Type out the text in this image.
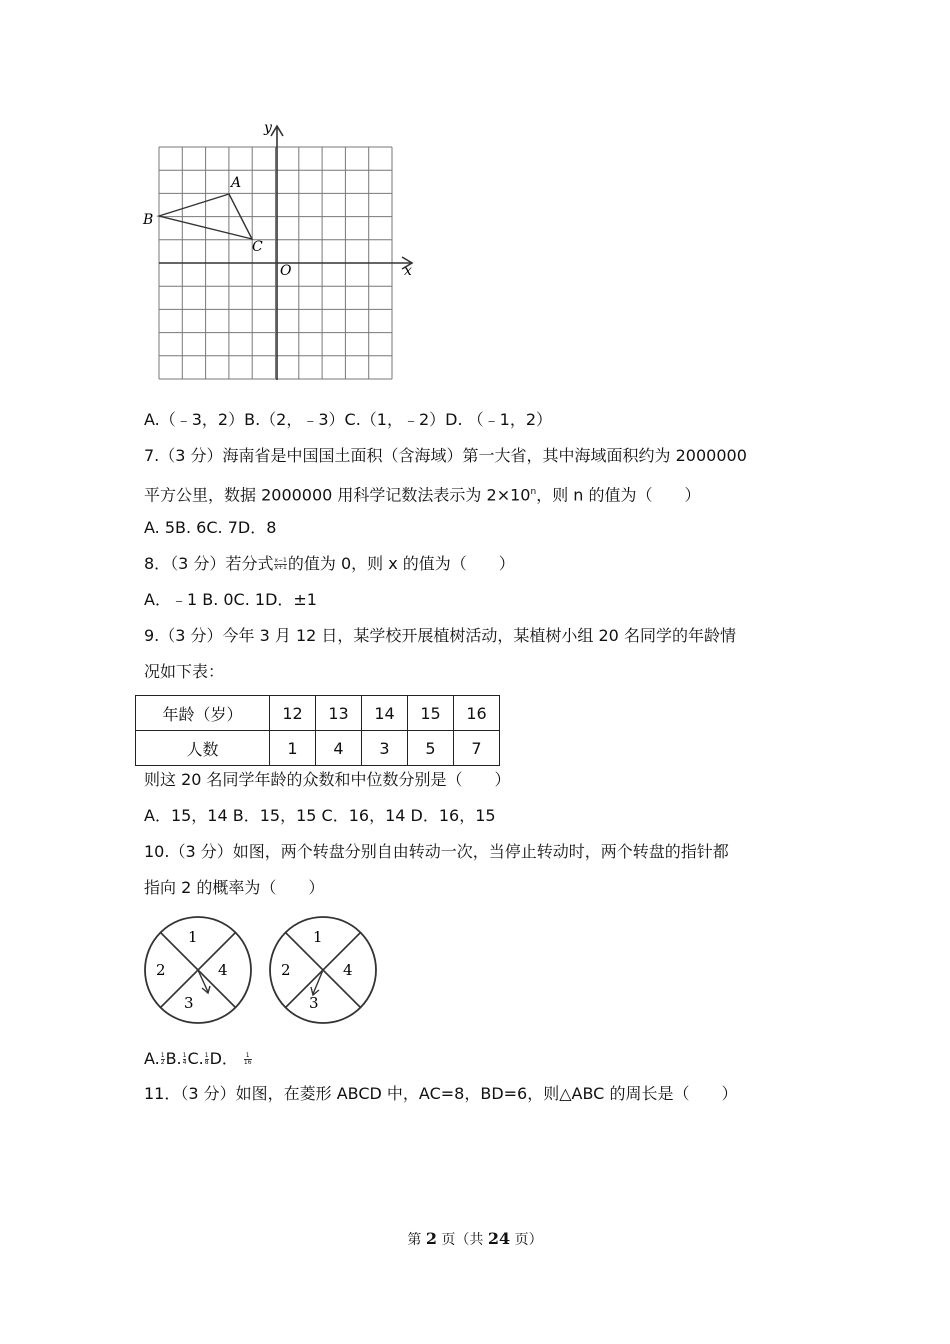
x
y
O
A
B
C
A.（﹣3，2）B.（2，﹣3）C.（1，﹣2）D. （﹣1，2）
7.（3 分）海南省是中国国土面积（含海域）第一大省，其中海域面积约为 2000000
平方公里，数据 2000000 用科学记数法表示为 $2\times 10^n$，则 n 的值为（　　）
A. 5B. 6C. 7D．8
8．（3 分）若分式 $\frac{x-1}{x+1}$ 的值为 0，则 x 的值为（　　）
A．﹣1 B. 0C. 1D．±1
9.（3 分）今年 3 月 12 日，某学校开展植树活动，某植树小组 20 名同学的年龄情
况如下表：
年龄（岁）	12	13	14	15	16
人数	1	4	3	5	7
则这 20 名同学年龄的众数和中位数分别是（　　）
A．15，14 B．15，15 C．16，14 D．16，15
10.（3 分）如图，两个转盘分别自由转动一次，当停止转动时，两个转盘的指针都
指向 2 的概率为（　　）
1
2
3
4
1
2
3
4
A. $\frac{1}{2} B$. $\frac{1}{4} C$. $\frac{1}{8}$ D． $\frac{1}{16}$
11．（3 分）如图，在菱形 ABCD 中，AC=8，BD=6，则△ABC 的周长是（　　）
第 2 页（共 24 页）
